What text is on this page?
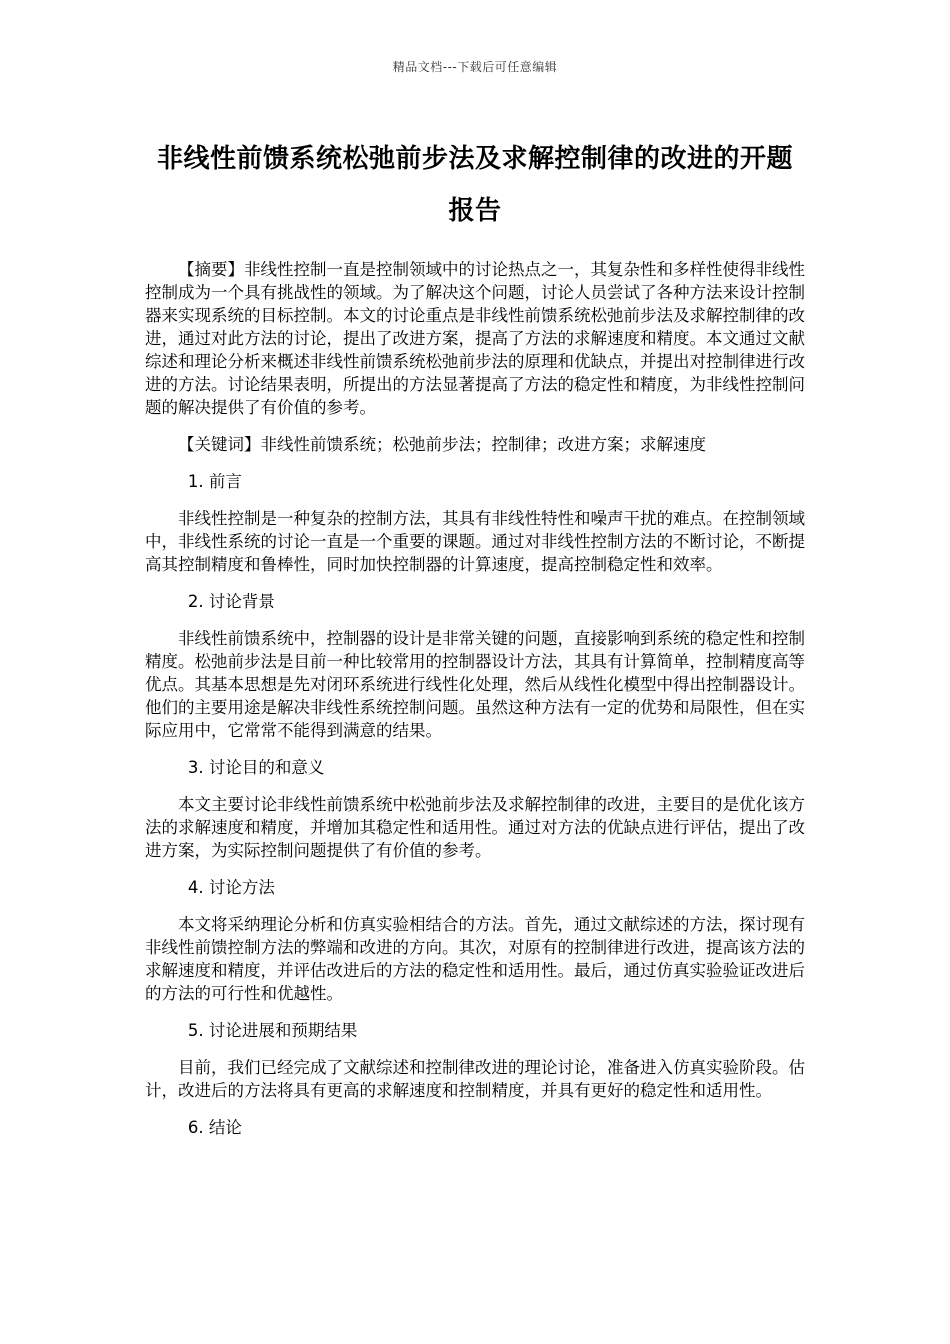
精品文档---下载后可任意编辑
非线性前馈系统松弛前步法及求解控制律的改进的开题报告

【摘要】非线性控制一直是控制领域中的讨论热点之一，其复杂性和多样性使得非线性控制成为一个具有挑战性的领域。为了解决这个问题，讨论人员尝试了各种方法来设计控制器来实现系统的目标控制。本文的讨论重点是非线性前馈系统松弛前步法及求解控制律的改进，通过对此方法的讨论，提出了改进方案，提高了方法的求解速度和精度。本文通过文献综述和理论分析来概述非线性前馈系统松弛前步法的原理和优缺点，并提出对控制律进行改进的方法。讨论结果表明，所提出的方法显著提高了方法的稳定性和精度，为非线性控制问题的解决提供了有价值的参考。

【关键词】非线性前馈系统；松弛前步法；控制律；改进方案；求解速度

1. 前言

非线性控制是一种复杂的控制方法，其具有非线性特性和噪声干扰的难点。在控制领域中，非线性系统的讨论一直是一个重要的课题。通过对非线性控制方法的不断讨论，不断提高其控制精度和鲁棒性，同时加快控制器的计算速度，提高控制稳定性和效率。

2. 讨论背景

非线性前馈系统中，控制器的设计是非常关键的问题，直接影响到系统的稳定性和控制精度。松弛前步法是目前一种比较常用的控制器设计方法，其具有计算简单，控制精度高等优点。其基本思想是先对闭环系统进行线性化处理，然后从线性化模型中得出控制器设计。他们的主要用途是解决非线性系统控制问题。虽然这种方法有一定的优势和局限性，但在实际应用中，它常常不能得到满意的结果。

3. 讨论目的和意义

本文主要讨论非线性前馈系统中松弛前步法及求解控制律的改进，主要目的是优化该方法的求解速度和精度，并增加其稳定性和适用性。通过对方法的优缺点进行评估，提出了改进方案，为实际控制问题提供了有价值的参考。

4. 讨论方法

本文将采纳理论分析和仿真实验相结合的方法。首先，通过文献综述的方法，探讨现有非线性前馈控制方法的弊端和改进的方向。其次，对原有的控制律进行改进，提高该方法的求解速度和精度，并评估改进后的方法的稳定性和适用性。最后，通过仿真实验验证改进后的方法的可行性和优越性。

5. 讨论进展和预期结果

目前，我们已经完成了文献综述和控制律改进的理论讨论，准备进入仿真实验阶段。估计，改进后的方法将具有更高的求解速度和控制精度，并具有更好的稳定性和适用性。

6. 结论
